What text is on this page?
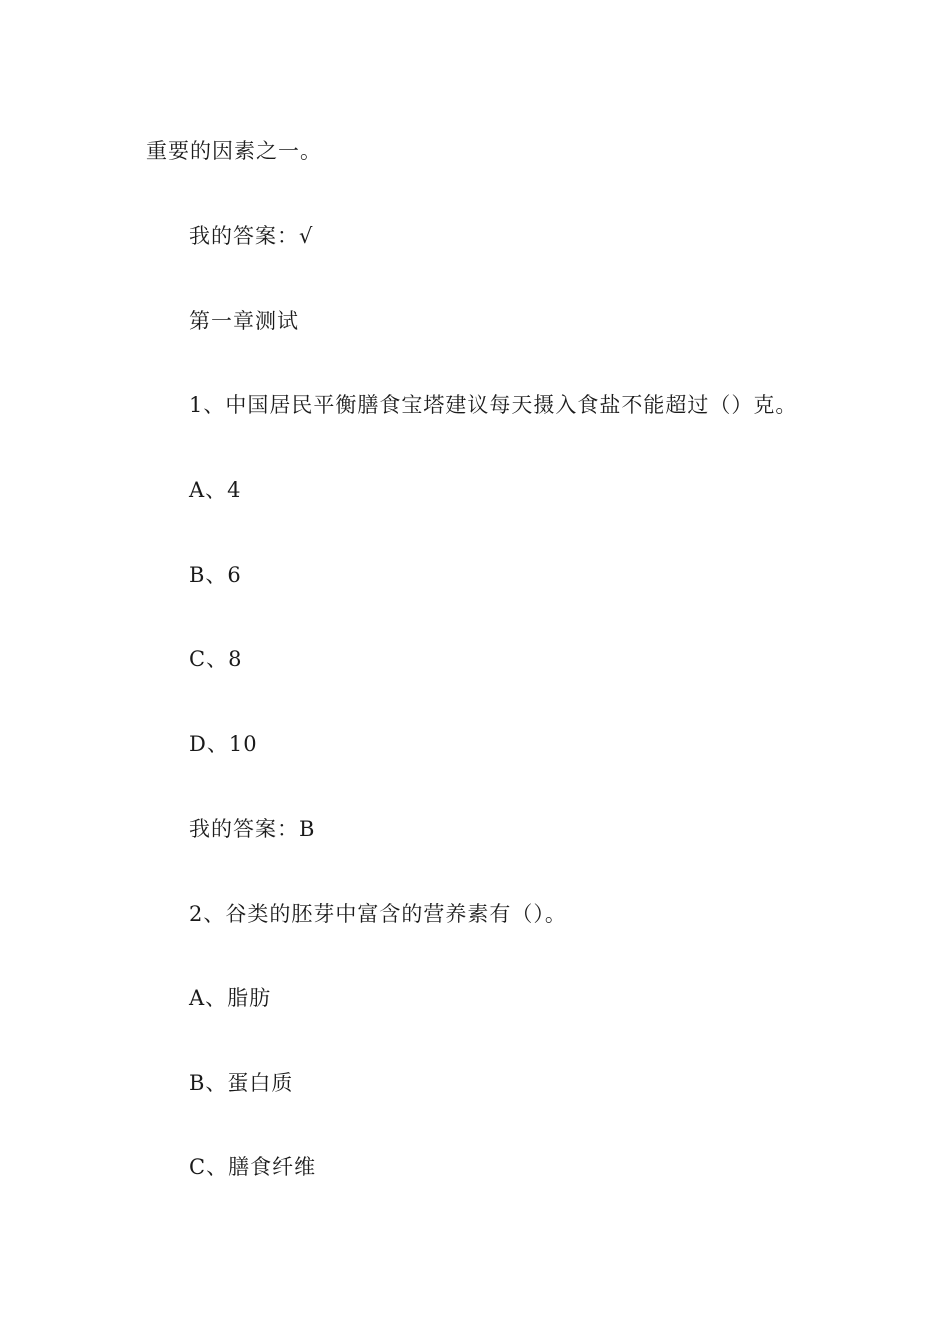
重要的因素之一。
我的答案：√
第一章测试
1、中国居民平衡膳食宝塔建议每天摄入食盐不能超过（）克。
A、4
B、6
C、8
D、10
我的答案：B
2、谷类的胚芽中富含的营养素有（）。
A、脂肪
B、蛋白质
C、膳食纤维
